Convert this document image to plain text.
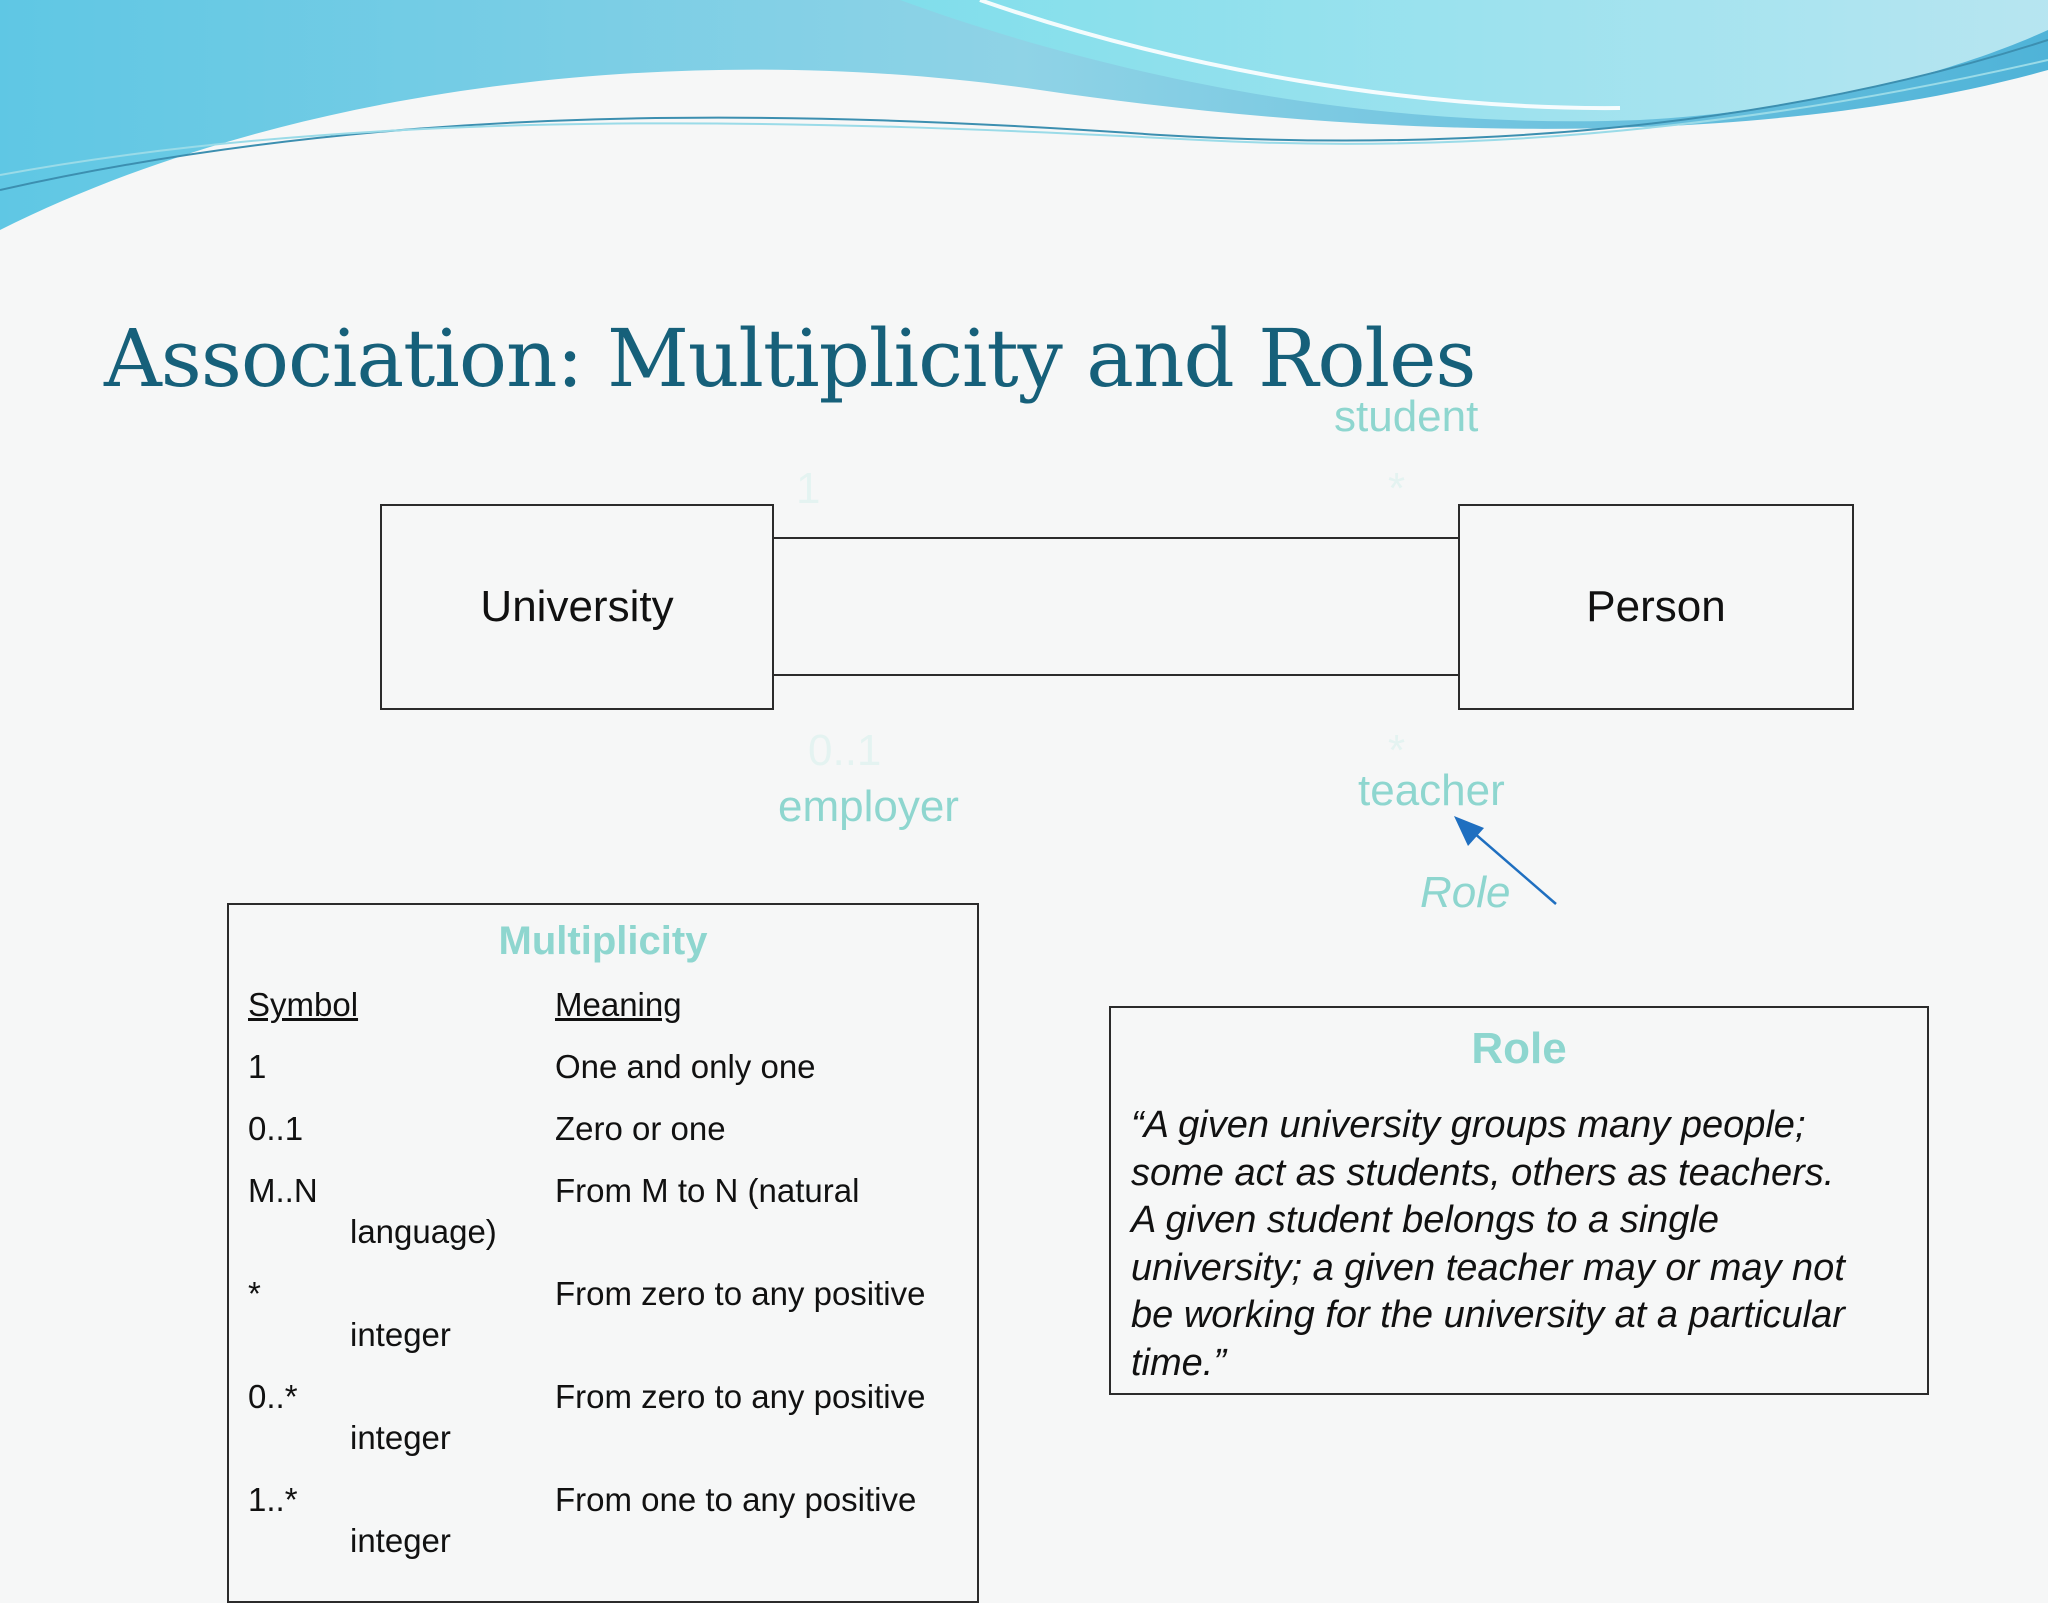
Association: Multiplicity and Roles
University	Person
student
1	*
0..1	*
employer	teacher
Role
Multiplicity
Symbol	Meaning
1	One and only one
0..1	Zero or one
M..N	From M to N (natural
language)
*	From zero to any positive
integer
0..*	From zero to any positive
integer
1..*	From one to any positive
integer
Role

“A given university groups many people;
some act as students, others as teachers.
A given student belongs to a single
university; a given teacher may or may not
be working for the university at a particular
time.”
